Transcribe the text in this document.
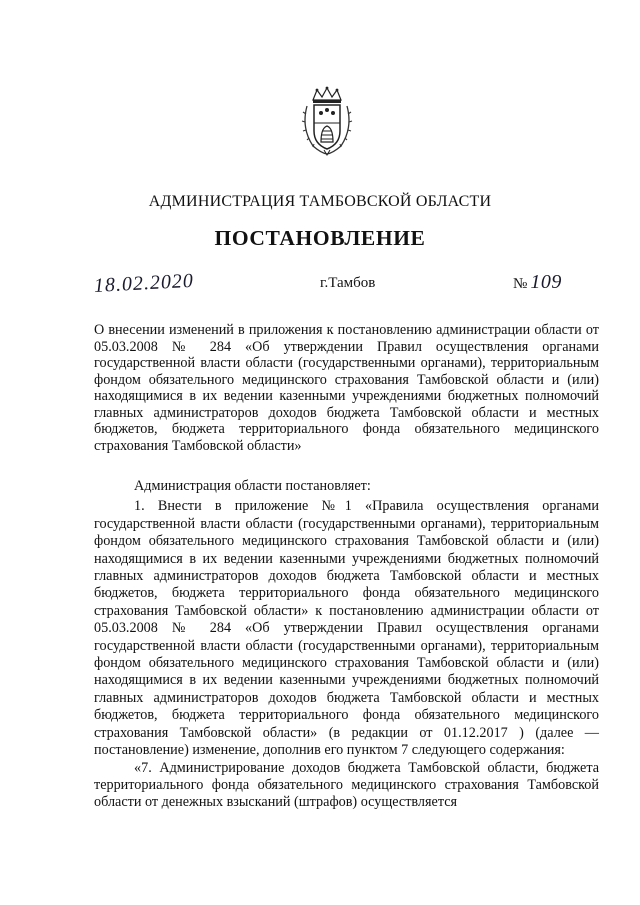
АДМИНИСТРАЦИЯ ТАМБОВСКОЙ ОБЛАСТИ
ПОСТАНОВЛЕНИЕ
18.02.2020	г.Тамбов	№ 109
О внесении изменений в приложения к постановлению администрации области от 05.03.2008 № 284 «Об утверждении Правил осуществления органами государственной власти области (государственными органами), территориальным фондом обязательного медицинского страхования Тамбовской области и (или) находящимися в их ведении казенными учреждениями бюджетных полномочий главных администраторов доходов бюджета Тамбовской области и местных бюджетов, бюджета территориального фонда обязательного медицинского страхования Тамбовской области»

Администрация области постановляет:

1. Внести в приложение №1 «Правила осуществления органами государственной власти области (государственными органами), территориальным фондом обязательного медицинского страхования Тамбовской области и (или) находящимися в их ведении казенными учреждениями бюджетных полномочий главных администраторов доходов бюджета Тамбовской области и местных бюджетов, бюджета территориального фонда обязательного медицинского страхования Тамбовской области» к постановлению администрации области от 05.03.2008 № 284 «Об утверждении Правил осуществления органами государственной власти области (государственными органами), территориальным фондом обязательного медицинского страхования Тамбовской области и (или) находящимися в их ведении казенными учреждениями бюджетных полномочий главных администраторов доходов бюджета Тамбовской области и местных бюджетов, бюджета территориального фонда обязательного медицинского страхования Тамбовской области» (в редакции от 01.12.2017 ) (далее — постановление) изменение, дополнив его пунктом 7 следующего содержания:

«7. Администрирование доходов бюджета Тамбовской области, бюджета территориального фонда обязательного медицинского страхования Тамбовской области от денежных взысканий (штрафов) осуществляется
